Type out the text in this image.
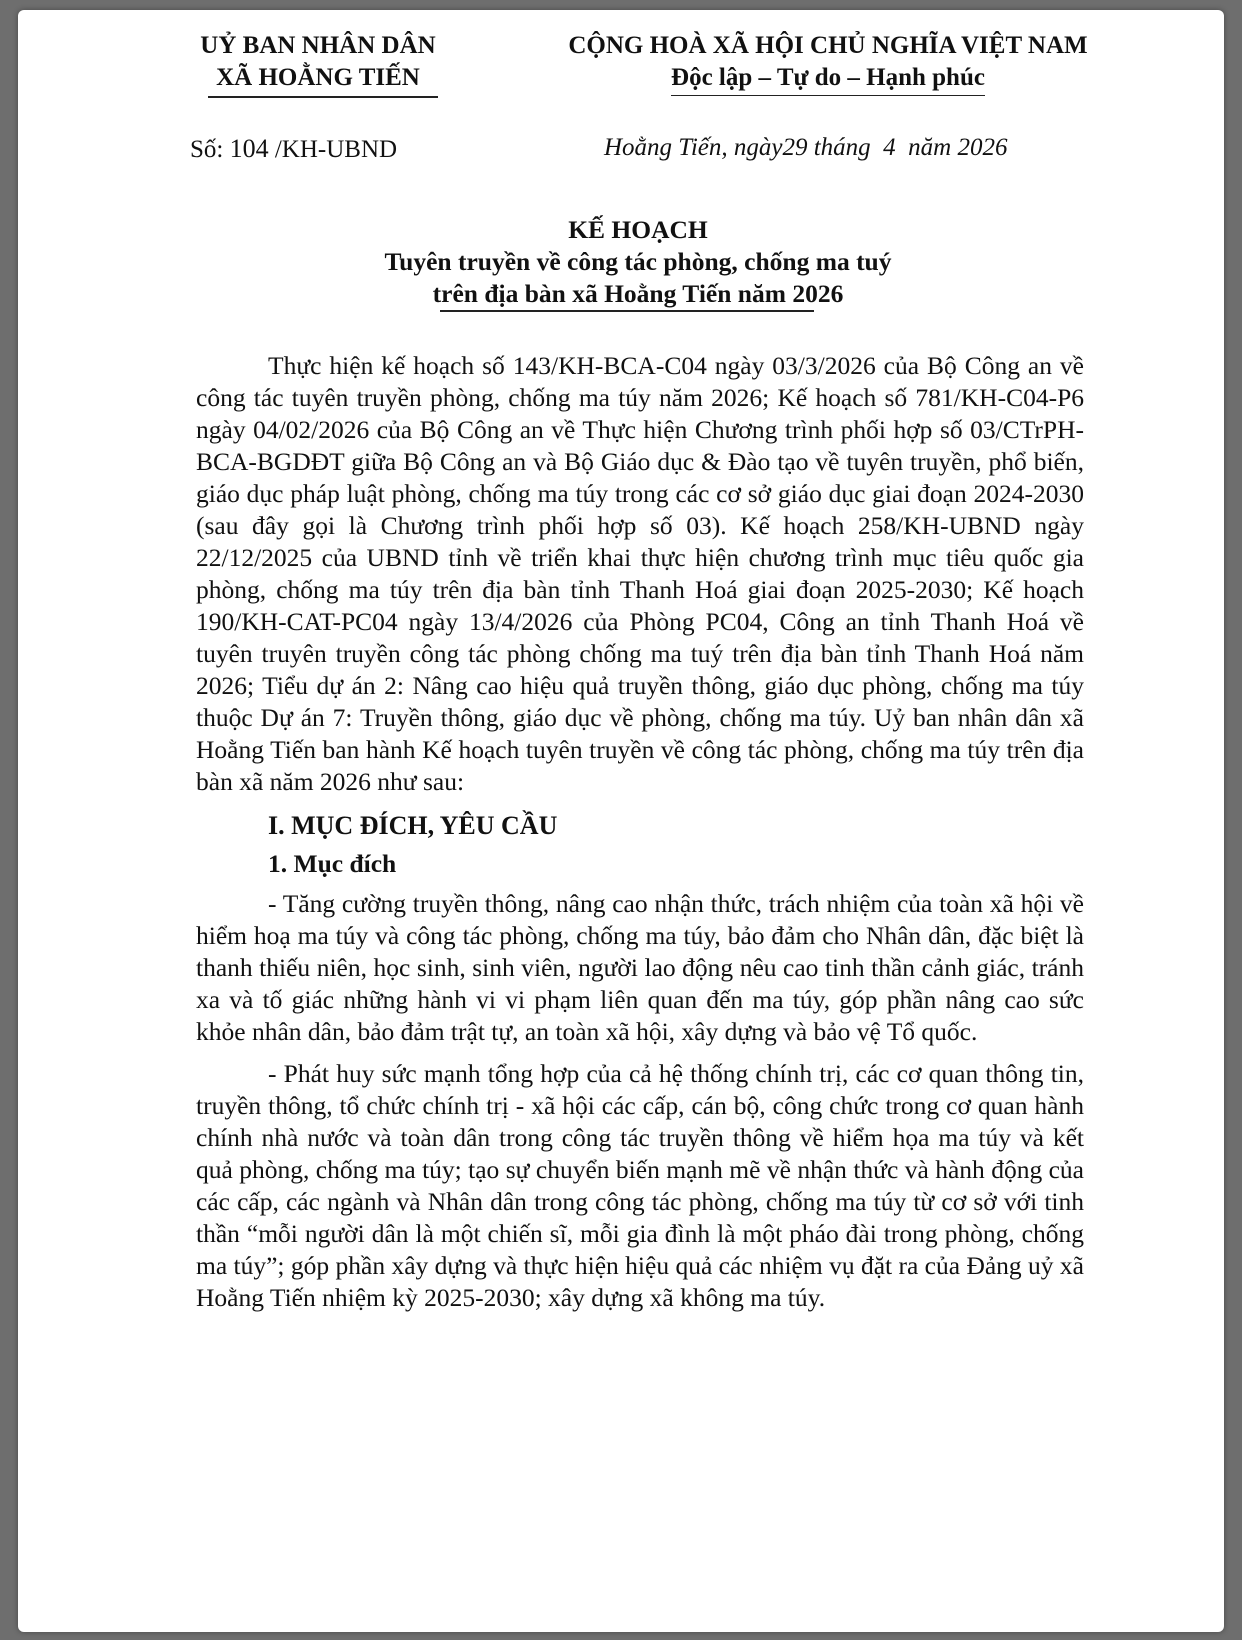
UỶ BAN NHÂN DÂN
XÃ HOẰNG TIẾN
CỘNG HOÀ XÃ HỘI CHỦ NGHĨA VIỆT NAM
Độc lập – Tự do – Hạnh phúc
Số: 104 /KH-UBND	Hoằng Tiến, ngày29 tháng 4 năm 2026
KẾ HOẠCH
Tuyên truyền về công tác phòng, chống ma tuý
trên địa bàn xã Hoằng Tiến năm 2026

Thực hiện kế hoạch số 143/KH-BCA-C04 ngày 03/3/2026 của Bộ Công an về công tác tuyên truyền phòng, chống ma túy năm 2026; Kế hoạch số 781/KH-C04-P6 ngày 04/02/2026 của Bộ Công an về Thực hiện Chương trình phối hợp số 03/CTrPH-BCA-BGDĐT giữa Bộ Công an và Bộ Giáo dục & Đào tạo về tuyên truyền, phổ biến, giáo dục pháp luật phòng, chống ma túy trong các cơ sở giáo dục giai đoạn 2024-2030 (sau đây gọi là Chương trình phối hợp số 03). Kế hoạch 258/KH-UBND ngày 22/12/2025 của UBND tỉnh về triển khai thực hiện chương trình mục tiêu quốc gia phòng, chống ma túy trên địa bàn tỉnh Thanh Hoá giai đoạn 2025-2030; Kế hoạch 190/KH-CAT-PC04 ngày 13/4/2026 của Phòng PC04, Công an tỉnh Thanh Hoá về tuyên truyên truyền công tác phòng chống ma tuý trên địa bàn tỉnh Thanh Hoá năm 2026; Tiểu dự án 2: Nâng cao hiệu quả truyền thông, giáo dục phòng, chống ma túy thuộc Dự án 7: Truyền thông, giáo dục về phòng, chống ma túy. Uỷ ban nhân dân xã Hoằng Tiến ban hành Kế hoạch tuyên truyền về công tác phòng, chống ma túy trên địa bàn xã năm 2026 như sau:

I. MỤC ĐÍCH, YÊU CẦU

1. Mục đích

- Tăng cường truyền thông, nâng cao nhận thức, trách nhiệm của toàn xã hội về hiểm hoạ ma túy và công tác phòng, chống ma túy, bảo đảm cho Nhân dân, đặc biệt là thanh thiếu niên, học sinh, sinh viên, người lao động nêu cao tinh thần cảnh giác, tránh xa và tố giác những hành vi vi phạm liên quan đến ma túy, góp phần nâng cao sức khỏe nhân dân, bảo đảm trật tự, an toàn xã hội, xây dựng và bảo vệ Tổ quốc.

- Phát huy sức mạnh tổng hợp của cả hệ thống chính trị, các cơ quan thông tin, truyền thông, tổ chức chính trị - xã hội các cấp, cán bộ, công chức trong cơ quan hành chính nhà nước và toàn dân trong công tác truyền thông về hiểm họa ma túy và kết quả phòng, chống ma túy; tạo sự chuyển biến mạnh mẽ về nhận thức và hành động của các cấp, các ngành và Nhân dân trong công tác phòng, chống ma túy từ cơ sở với tinh thần “mỗi người dân là một chiến sĩ, mỗi gia đình là một pháo đài trong phòng, chống ma túy”; góp phần xây dựng và thực hiện hiệu quả các nhiệm vụ đặt ra của Đảng uỷ xã Hoằng Tiến nhiệm kỳ 2025-2030; xây dựng xã không ma túy.
